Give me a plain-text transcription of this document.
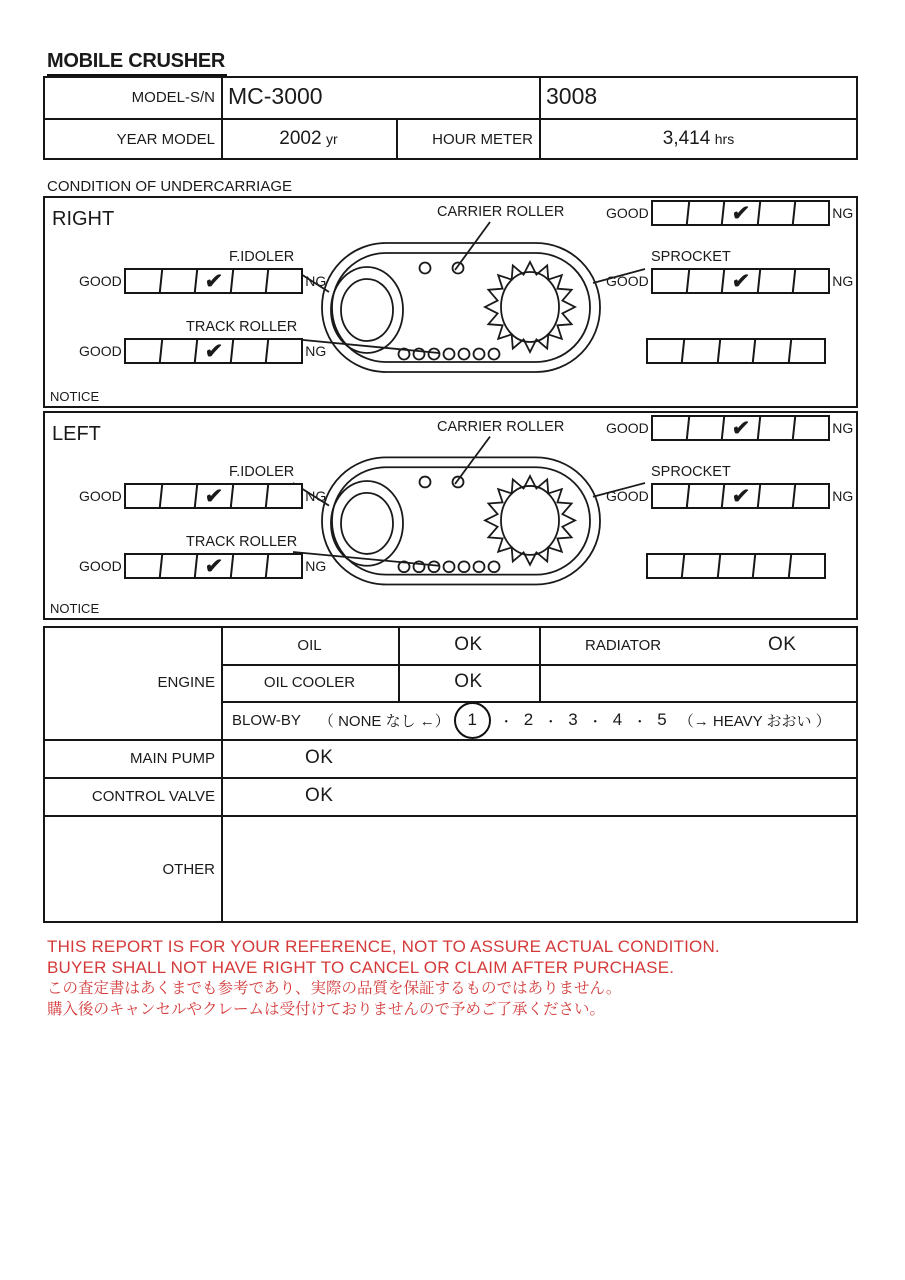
MOBILE CRUSHER
MODEL-S/N MC-3000	3008
YEAR MODEL	2002 yr	HOUR METER	3,414 hrs
CONDITION OF UNDERCARRIAGE
RIGHT	CARRIER ROLLER
F.IDOLER	SPROCKET
TRACK ROLLER
GOOD	✔	NG
GOOD	✔	NG	GOOD	✔	NG
GOOD	✔	NG
NOTICE
LEFT	CARRIER ROLLER
F.IDOLER	SPROCKET
TRACK ROLLER
GOOD	✔	NG
GOOD	✔	NG	GOOD	✔	NG
GOOD	✔	NG
NOTICE
ENGINE
OIL	OK	RADIATOR	OK
OIL COOLER	OK
BLOW-BY （ NONE なし ←）	1	・ 2 ・ 3 ・ 4 ・ 5 （→ HEAVY おおい ）
MAIN PUMP	OK
CONTROL VALVE	OK
OTHER
THIS REPORT IS FOR YOUR REFERENCE, NOT TO ASSURE ACTUAL CONDITION.
BUYER SHALL NOT HAVE RIGHT TO CANCEL OR CLAIM AFTER PURCHASE.
この査定書はあくまでも参考であり、実際の品質を保証するものではありません。
購入後のキャンセルやクレームは受付けておりませんので予めご了承ください。
